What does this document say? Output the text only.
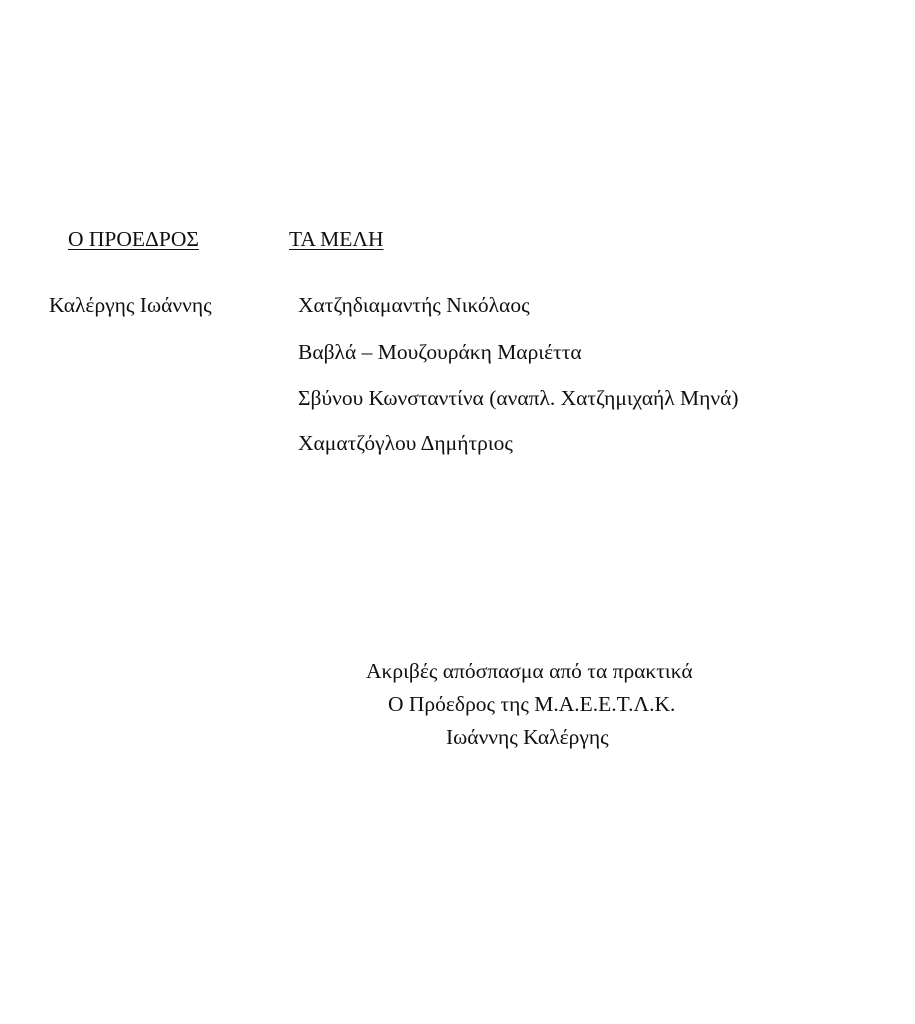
Ο ΠΡΟΕΔΡΟΣ	ΤΑ ΜΕΛΗ
Καλέργης Ιωάννης	Χατζηδιαμαντής Νικόλαος
Βαβλά – Μουζουράκη Μαριέττα
Σβύνου Κωνσταντίνα (αναπλ. Χατζημιχαήλ Μηνά)
Χαματζόγλου Δημήτριος
Ακριβές απόσπασμα από τα πρακτικά
Ο Πρόεδρος της Μ.Α.Ε.Ε.Τ.Λ.Κ.
Ιωάννης Καλέργης
